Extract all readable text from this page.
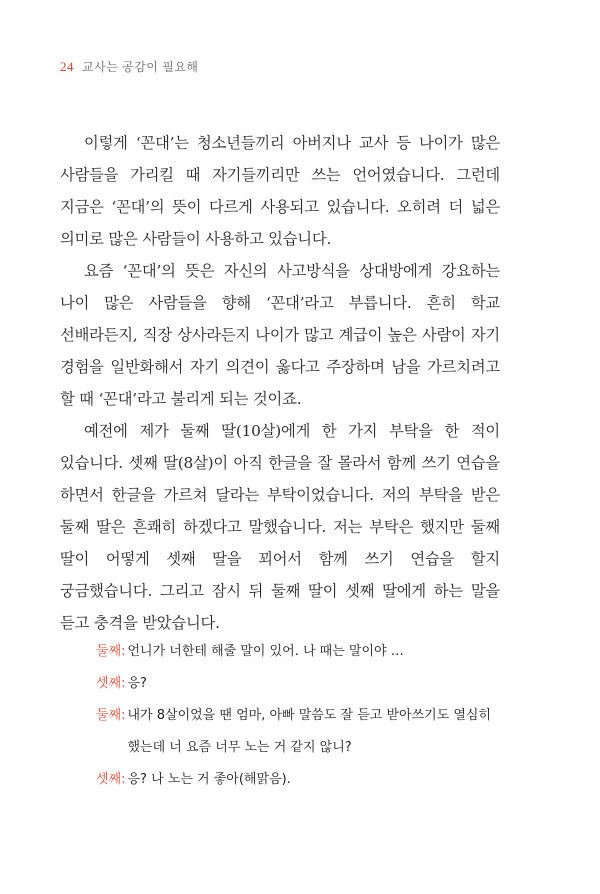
24 교사는 공감이 필요해

이렇게 ‘꼰대’는 청소년들끼리 아버지나 교사 등 나이가 많은 사람들을 가리킬 때 자기들끼리만 쓰는 언어였습니다. 그런데 지금은 ‘꼰대’의 뜻이 다르게 사용되고 있습니다. 오히려 더 넓은 의미로 많은 사람들이 사용하고 있습니다.

요즘 ‘꼰대’의 뜻은 자신의 사고방식을 상대방에게 강요하는 나이 많은 사람들을 향해 ‘꼰대’라고 부릅니다. 흔히 학교 선배라든지, 직장 상사라든지 나이가 많고 계급이 높은 사람이 자기 경험을 일반화해서 자기 의견이 옳다고 주장하며 남을 가르치려고 할 때 ‘꼰대’라고 불리게 되는 것이죠.

예전에 제가 둘째 딸(10살)에게 한 가지 부탁을 한 적이 있습니다. 셋째 딸(8살)이 아직 한글을 잘 몰라서 함께 쓰기 연습을 하면서 한글을 가르쳐 달라는 부탁이었습니다. 저의 부탁을 받은 둘째 딸은 흔쾌히 하겠다고 말했습니다. 저는 부탁은 했지만 둘째 딸이 어떻게 셋째 딸을 꾀어서 함께 쓰기 연습을 할지 궁금했습니다. 그리고 잠시 뒤 둘째 딸이 셋째 딸에게 하는 말을 듣고 충격을 받았습니다.

둘째: 언니가 너한테 해줄 말이 있어. 나 때는 말이야 …
셋째: 응?
둘째: 내가 8살이었을 땐 엄마, 아빠 말씀도 잘 듣고 받아쓰기도 열심히
했는데 너 요즘 너무 노는 거 같지 않니?
셋째: 응? 나 노는 거 좋아(해맑음).
